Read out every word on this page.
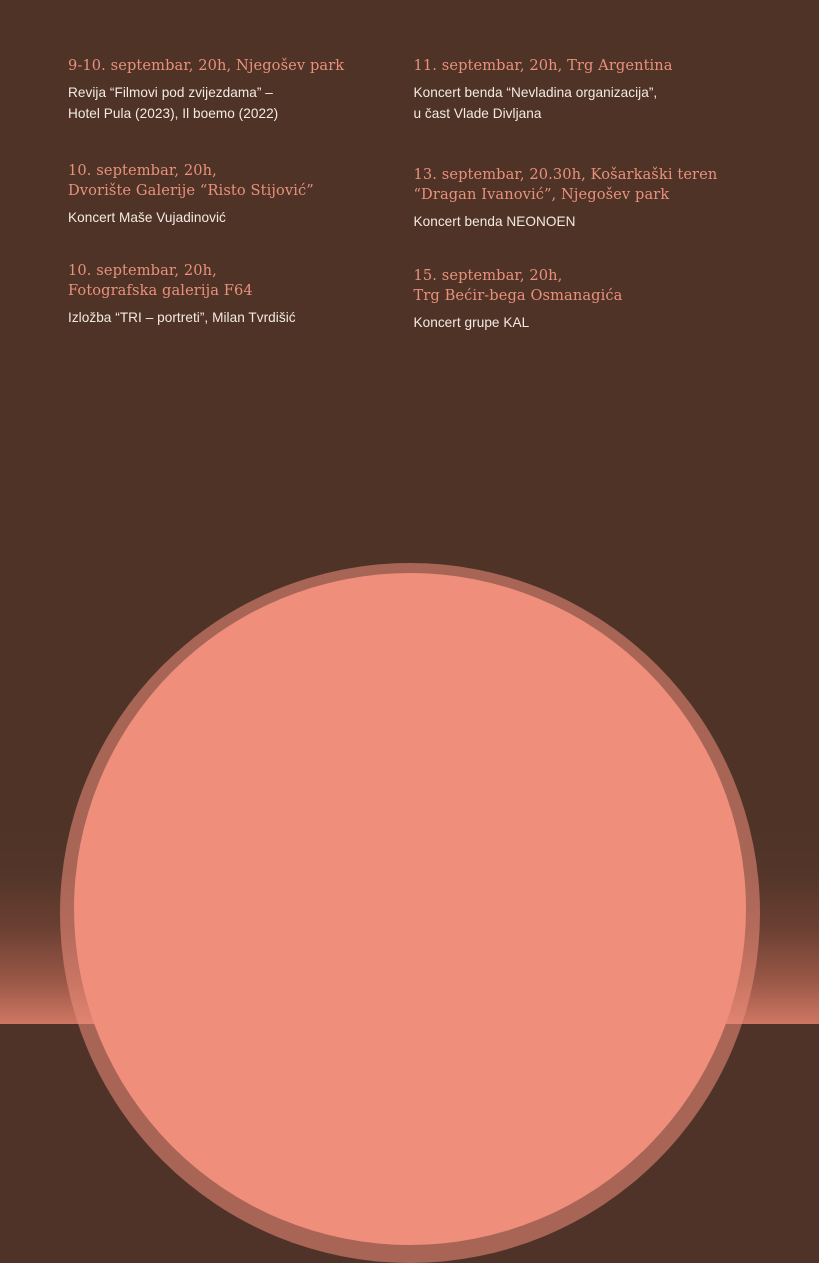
9-10. septembar, 20h, Njegošev park
Revija “Filmovi pod zvijezdama” –
Hotel Pula (2023), Il boemo (2022)
10. septembar, 20h,
Dvorište Galerije “Risto Stijović”
Koncert Maše Vujadinović
10. septembar, 20h,
Fotografska galerija F64
Izložba “TRI – portreti”, Milan Tvrdišić
11. septembar, 20h, Trg Argentina
Koncert benda “Nevladina organizacija”,
u čast Vlade Divljana
13. septembar, 20.30h, Košarkaški teren
“Dragan Ivanović”, Njegošev park
Koncert benda NEONOEN
15. septembar, 20h,
Trg Bećir-bega Osmanagića
Koncert grupe KAL
